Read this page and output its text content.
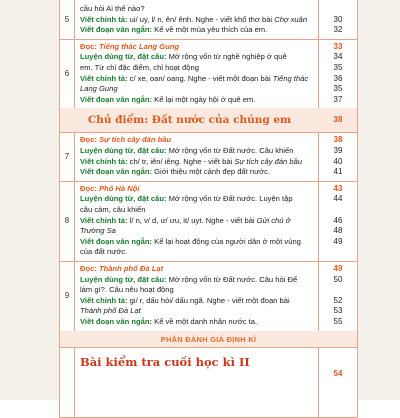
5
cầu hỏi Ai thế nào?
Viết chính tả: ui/ uy, l/ n, ên/ ênh. Nghe - viết khổ thơ bài Chợ xuân	30
Viết đoạn văn ngắn: Kể về một mùa yêu thích của em.	32
6
Đọc: Tiếng thác Lang Gung	33
Luyện dùng từ, đặt câu: Mở rộng vốn từ nghề nghiệp ở quê	34
em. Từ chỉ đặc điểm, chỉ hoạt động	35
Viết chính tả: c/ xe, oan/ oang. Nghe - viết một đoạn bài Tiếng thác	36
Lang Gung	35
Viết đoạn văn ngắn: Kể lại một ngày hội ở quê em.	37
Chủ điểm: Đất nước của chúng em	38
7
Đọc: Sự tích cây đàn bầu	38
Luyện dùng từ, đặt câu: Mở rộng vốn từ Đất nước. Câu khiến	39
Viết chính tả: ch/ tr, iên/ iêng. Nghe - viết bài Sự tích cây đàn bầu	40
Viết đoạn văn ngắn: Giới thiệu một cảnh đẹp đất nước.	41
8
Đọc: Phố Hà Nội	43
Luyện dùng từ, đặt câu: Mở rộng vốn từ Đất nước. Luyện tập	44
câu cảm, câu khiến
Viết chính tả: l/ n, v/ d, ư/ ưu, it/ uyt. Nghe - viết bài Gửi chú ở	46
Trường Sa	48
Viết đoạn văn ngắn: Kể lại hoạt động của người dân ở một vùng	49
của đất nước.
9
Đọc: Thành phố Đà Lạt	49
Luyện dùng từ, đặt câu: Mở rộng vốn từ Đất nước. Câu hỏi Để	50
làm gì?. Câu nêu hoạt động
Viết chính tả: gi/ r, dấu hỏi/ dấu ngã. Nghe - viết một đoạn bài	52
Thành phố Đà Lạt	53
Viết đoạn văn ngắn: Kể về một danh nhân nước ta.	55
PHẦN ĐÁNH GIÁ ĐỊNH KÌ
Bài kiểm tra cuối học kì II
54
